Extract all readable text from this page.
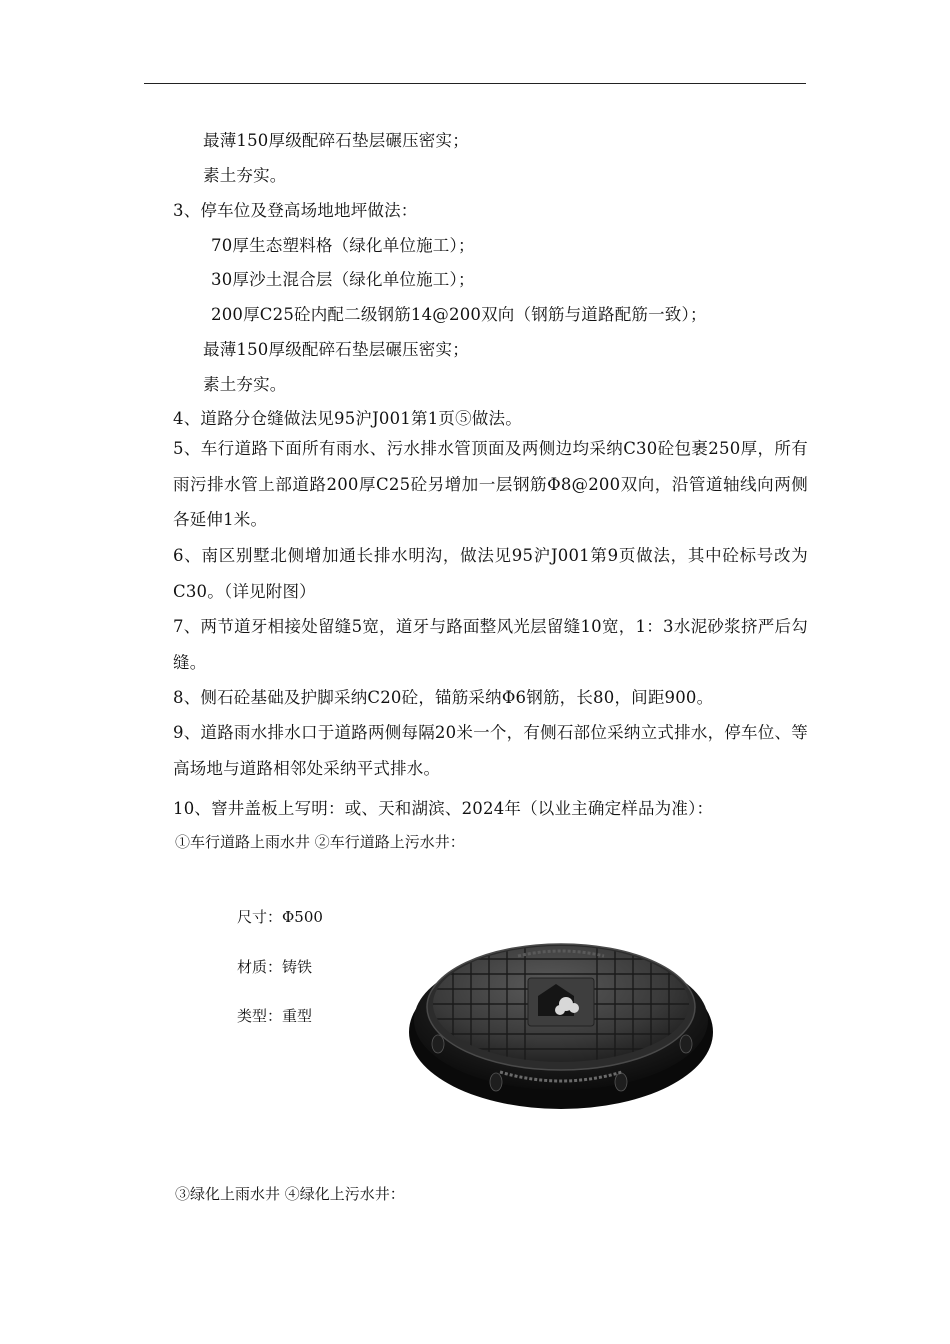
最薄150厚级配碎石垫层碾压密实；
素土夯实。
3、停车位及登高场地地坪做法：
70厚生态塑料格（绿化单位施工）；
30厚沙土混合层（绿化单位施工）；
200厚C25砼内配二级钢筋14@200双向（钢筋与道路配筋一致）；
最薄150厚级配碎石垫层碾压密实；
素土夯实。
4、道路分仓缝做法见95沪J001第1页⑤做法。
5、车行道路下面所有雨水、污水排水管顶面及两侧边均采纳C30砼包裹250厚，所有雨污排水管上部道路200厚C25砼另增加一层钢筋Φ8@200双向，沿管道轴线向两侧各延伸1米。
6、南区别墅北侧增加通长排水明沟，做法见95沪J001第9页做法，其中砼标号改为C30。（详见附图）
7、两节道牙相接处留缝5宽，道牙与路面整风光层留缝10宽，1：3水泥砂浆挤严后勾缝。
8、侧石砼基础及护脚采纳C20砼，锚筋采纳Φ6钢筋，长80，间距900。
9、道路雨水排水口于道路两侧每隔20米一个，有侧石部位采纳立式排水，停车位、等高场地与道路相邻处采纳平式排水。
10、窨井盖板上写明：或、天和湖滨、2024年（以业主确定样品为准）：
①车行道路上雨水井 ②车行道路上污水井：
尺寸：Φ500
材质：铸铁
类型：重型
③绿化上雨水井 ④绿化上污水井：
